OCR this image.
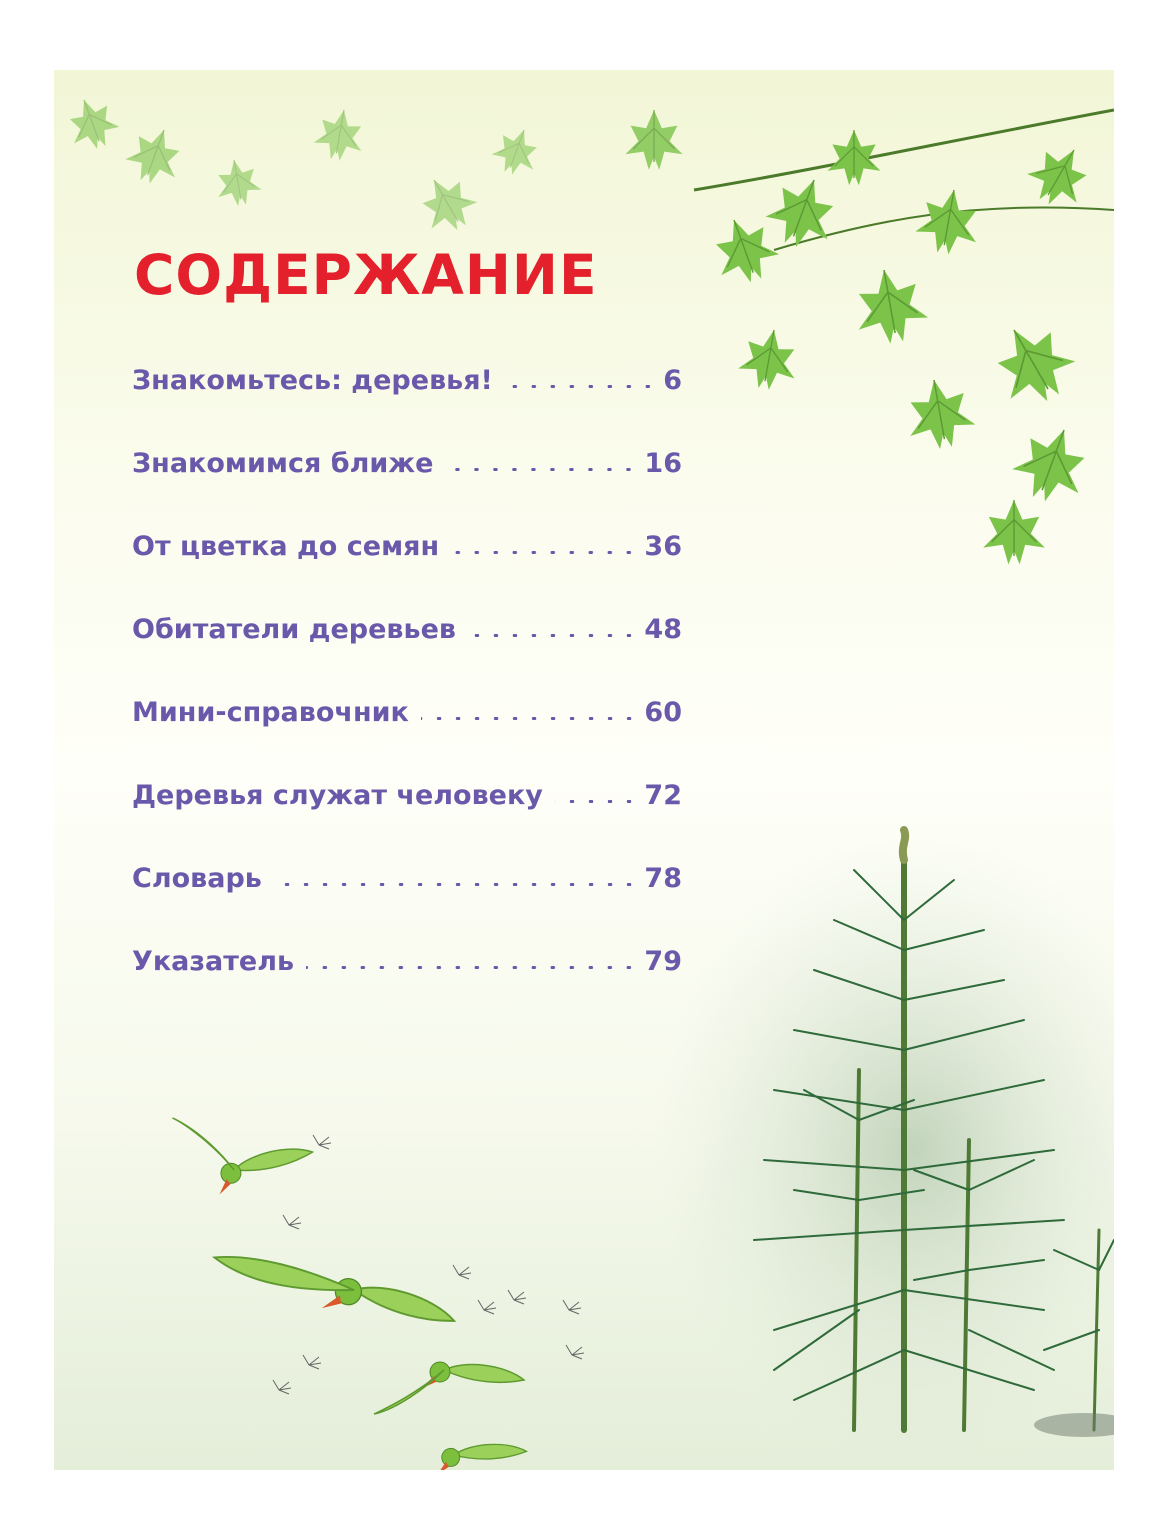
СОДЕРЖАНИЕ
Знакомьтесь: деревья!	6
Знакомимся ближе	16
От цветка до семян	36
Обитатели деревьев	48
Мини-справочник	60
Деревья служат человеку	72
Словарь	78
Указатель	79
